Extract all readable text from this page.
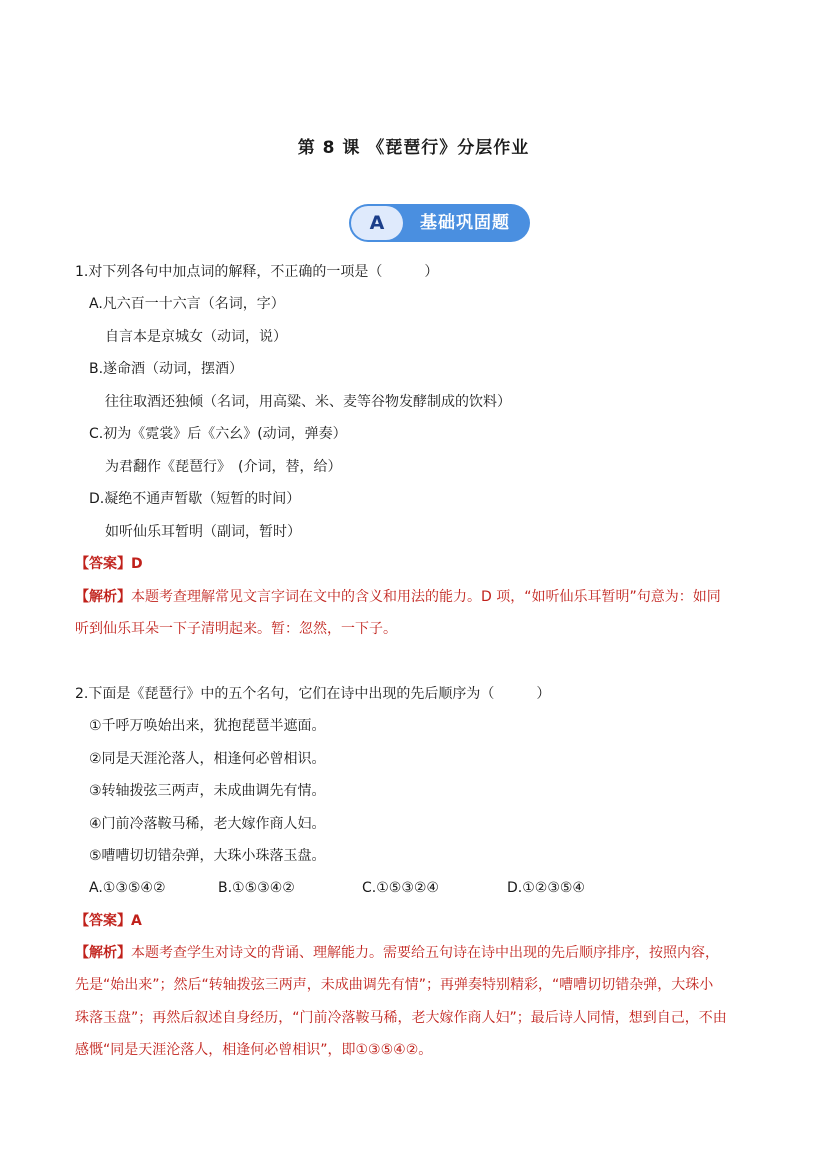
第 8 课 《琵琶行》分层作业
A	基础巩固题
1.对下列各句中加点词的解释，不正确的一项是（　　　）
A.凡六百一十六言（名词，字）
自言本是京城女（动词，说）
B.遂命酒（动词，摆酒）
往往取酒还独倾（名词，用高粱、米、麦等谷物发酵制成的饮料）
C.初为《霓裳》后《六幺》(动词，弹奏）
为君翻作《琵琶行》　(介词，替，给）
D.凝绝不通声暂歇（短暂的时间）
如听仙乐耳暂明（副词，暂时）
【答案】D
【解析】本题考查理解常见文言字词在文中的含义和用法的能力。D 项，“如听仙乐耳暂明”句意为：如同
听到仙乐耳朵一下子清明起来。暂：忽然，一下子。
2.下面是《琵琶行》中的五个名句，它们在诗中出现的先后顺序为（　　　）
①千呼万唤始出来，犹抱琵琶半遮面。
②同是天涯沦落人，相逢何必曾相识。
③转轴拨弦三两声，未成曲调先有情。
④门前冷落鞍马稀，老大嫁作商人妇。
⑤嘈嘈切切错杂弹，大珠小珠落玉盘。
A.①③⑤④②	B.①⑤③④②	C.①⑤③②④	D.①②③⑤④
【答案】A
【解析】本题考查学生对诗文的背诵、理解能力。需要给五句诗在诗中出现的先后顺序排序，按照内容，
先是“始出来”；然后“转轴拨弦三两声，未成曲调先有情”；再弹奏特别精彩，“嘈嘈切切错杂弹，大珠小
珠落玉盘”；再然后叙述自身经历，“门前冷落鞍马稀，老大嫁作商人妇”；最后诗人同情，想到自己，不由
感慨“同是天涯沦落人，相逢何必曾相识”，即①③⑤④②。
